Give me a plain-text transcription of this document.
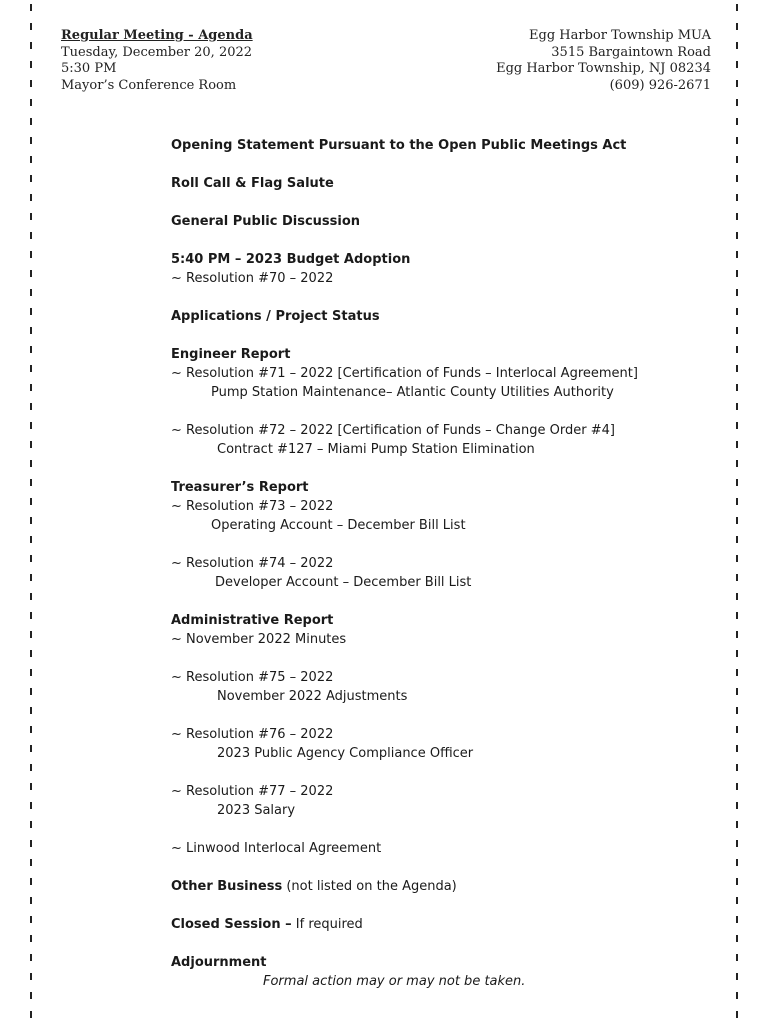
Regular Meeting - Agenda
Tuesday, December 20, 2022
5:30 PM
Mayor’s Conference Room
Egg Harbor Township MUA
3515 Bargaintown Road
Egg Harbor Township, NJ 08234
(609) 926-2671
Opening Statement Pursuant to the Open Public Meetings Act
Roll Call & Flag Salute
General Public Discussion
5:40 PM – 2023 Budget Adoption
~ Resolution #70 – 2022
Applications / Project Status
Engineer Report
~ Resolution #71 – 2022 [Certification of Funds – Interlocal Agreement]
Pump Station Maintenance– Atlantic County Utilities Authority
~ Resolution #72 – 2022 [Certification of Funds – Change Order #4]
Contract #127 – Miami Pump Station Elimination
Treasurer’s Report
~ Resolution #73 – 2022
Operating Account – December Bill List
~ Resolution #74 – 2022
Developer Account – December Bill List
Administrative Report
~ November 2022 Minutes
~ Resolution #75 – 2022
November 2022 Adjustments
~ Resolution #76 – 2022
2023 Public Agency Compliance Officer
~ Resolution #77 – 2022
2023 Salary
~ Linwood Interlocal Agreement
Other Business (not listed on the Agenda)
Closed Session – If required
Adjournment
Formal action may or may not be taken.
